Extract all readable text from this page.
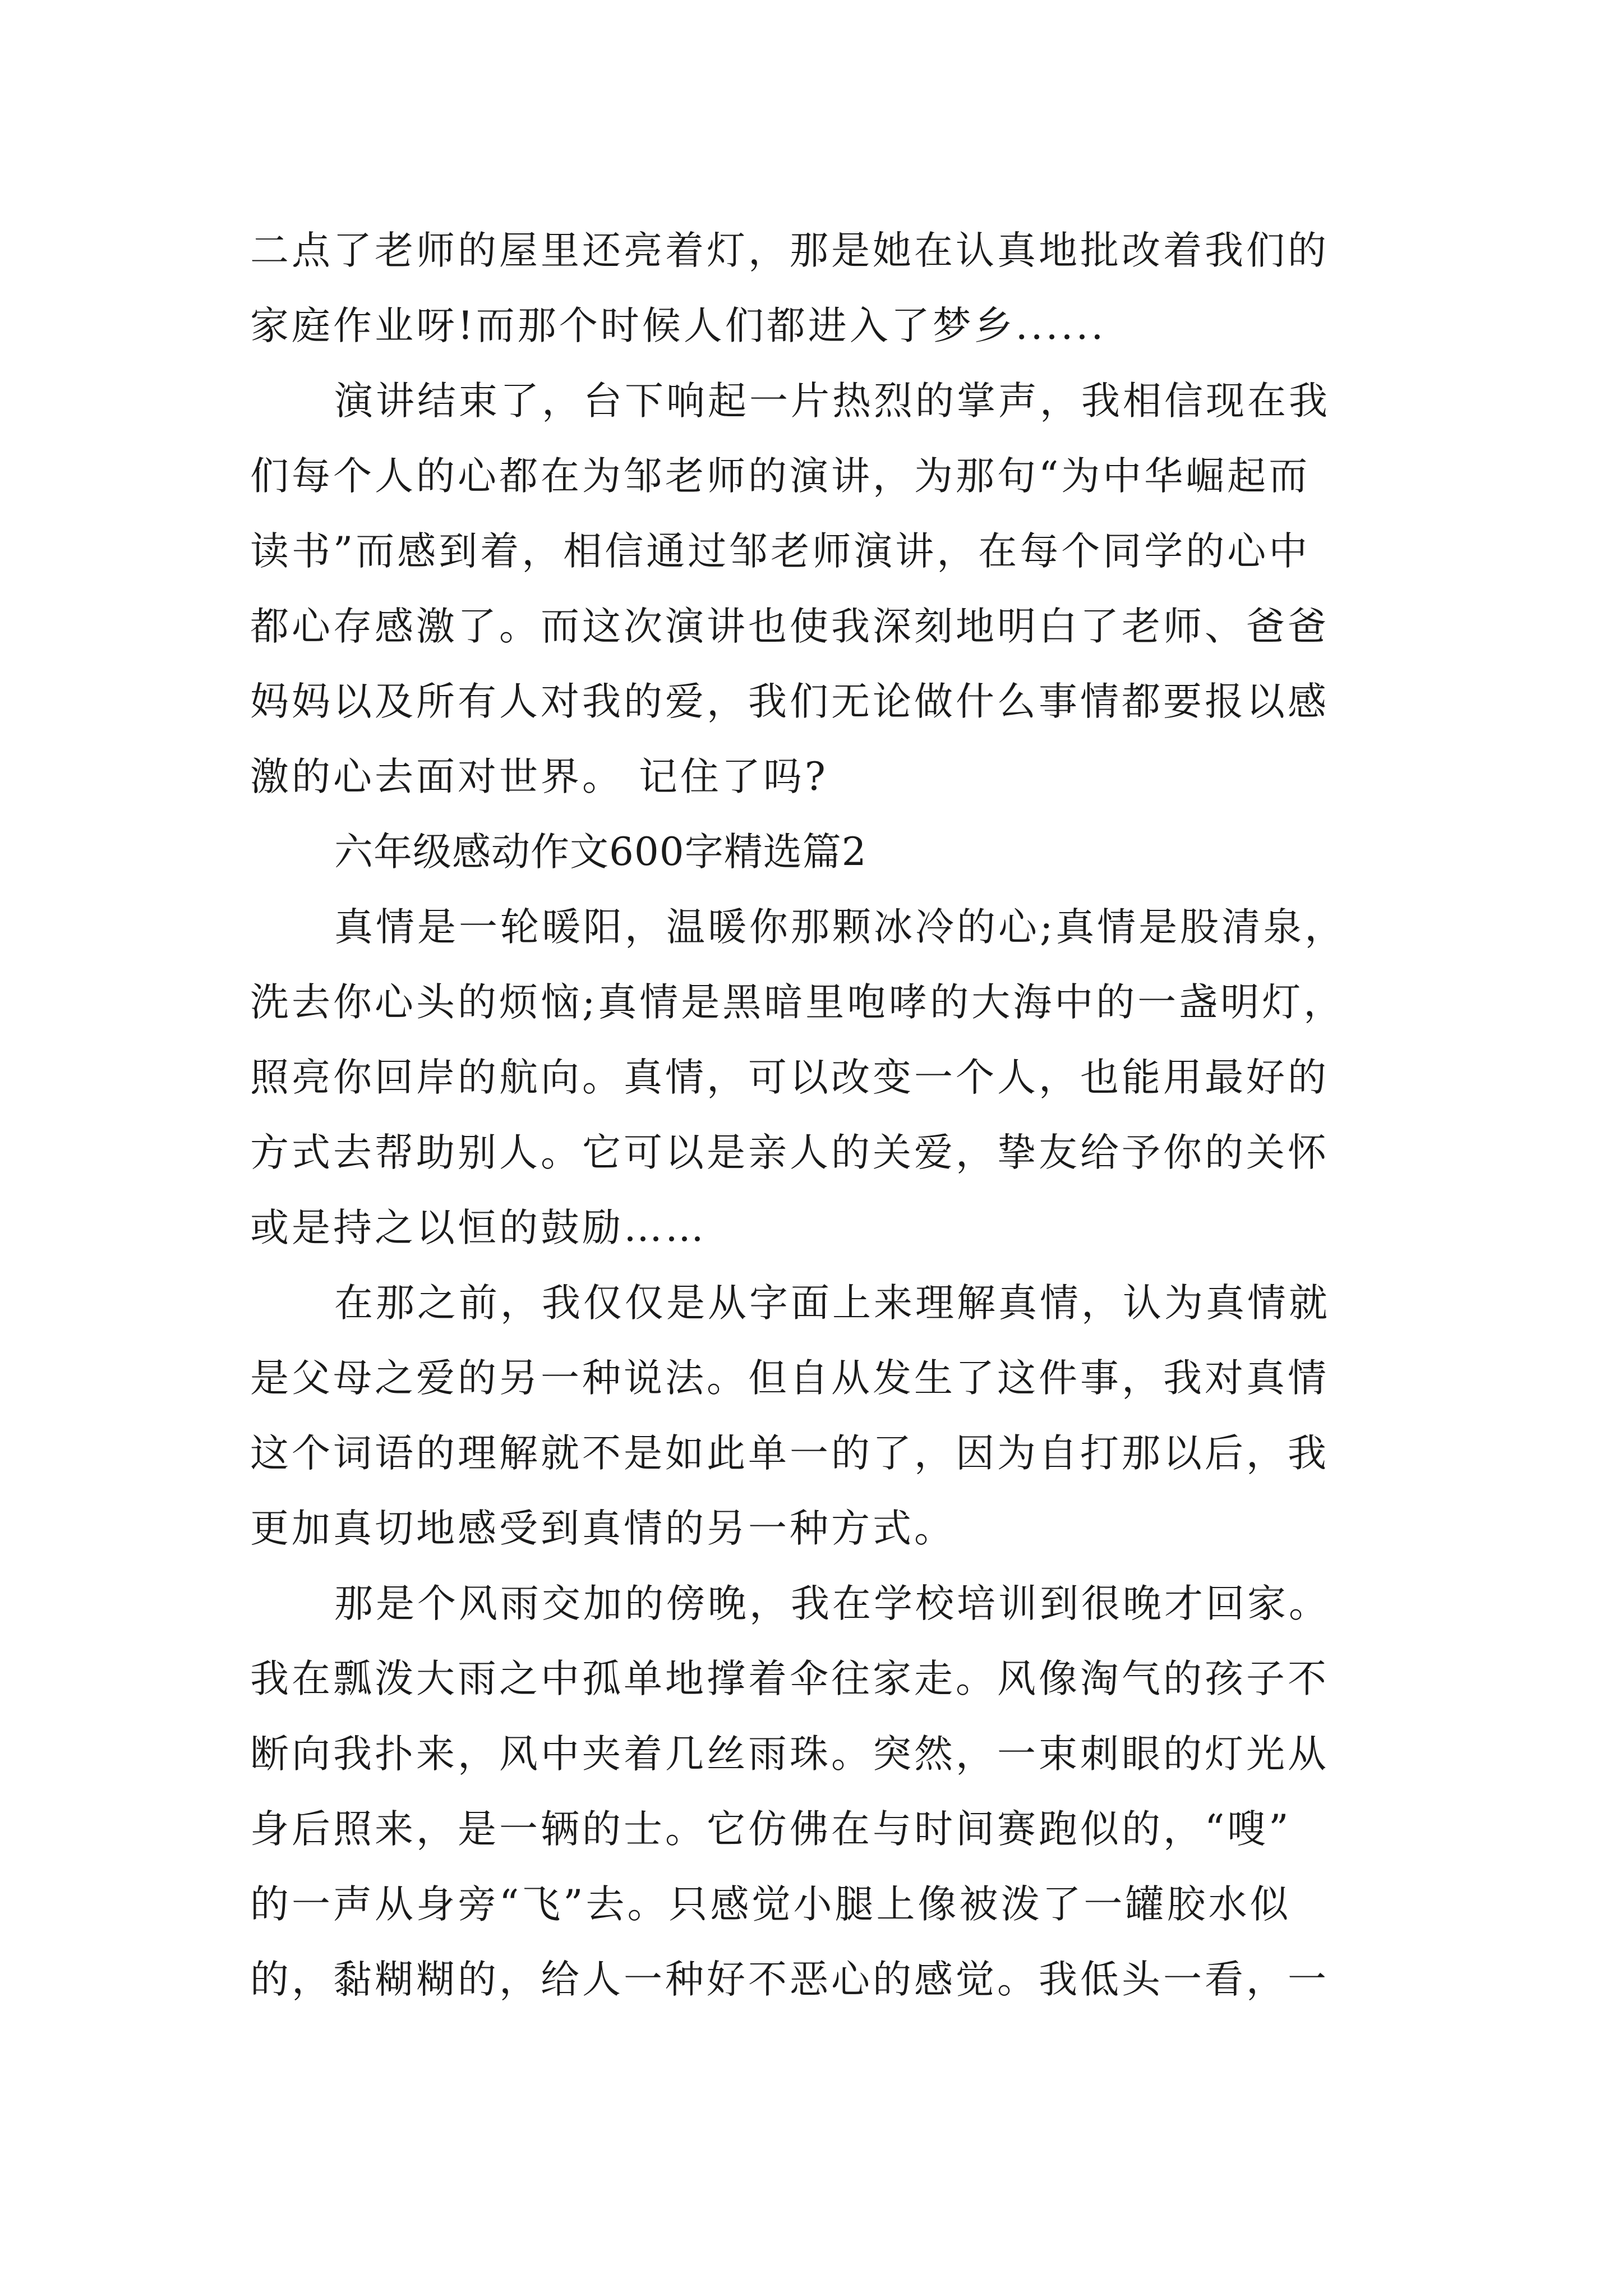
二点了老师的屋里还亮着灯，那是她在认真地批改着我们的
家庭作业呀!而那个时候人们都进入了梦乡......
演讲结束了，台下响起一片热烈的掌声，我相信现在我
们每个人的心都在为邹老师的演讲，为那句“为中华崛起而
读书”而感到着，相信通过邹老师演讲，在每个同学的心中
都心存感激了。而这次演讲也使我深刻地明白了老师、爸爸
妈妈以及所有人对我的爱，我们无论做什么事情都要报以感
激的心去面对世界。 记住了吗?
六年级感动作文600字精选篇2
真情是一轮暖阳，温暖你那颗冰冷的心;真情是股清泉，
洗去你心头的烦恼;真情是黑暗里咆哮的大海中的一盏明灯，
照亮你回岸的航向。真情，可以改变一个人，也能用最好的
方式去帮助别人。它可以是亲人的关爱，挚友给予你的关怀
或是持之以恒的鼓励……
在那之前，我仅仅是从字面上来理解真情，认为真情就
是父母之爱的另一种说法。但自从发生了这件事，我对真情
这个词语的理解就不是如此单一的了，因为自打那以后，我
更加真切地感受到真情的另一种方式。
那是个风雨交加的傍晚，我在学校培训到很晚才回家。
我在瓢泼大雨之中孤单地撑着伞往家走。风像淘气的孩子不
断向我扑来，风中夹着几丝雨珠。突然，一束刺眼的灯光从
身后照来，是一辆的士。它仿佛在与时间赛跑似的，“嗖”
的一声从身旁“飞”去。只感觉小腿上像被泼了一罐胶水似
的，黏糊糊的，给人一种好不恶心的感觉。我低头一看，一
